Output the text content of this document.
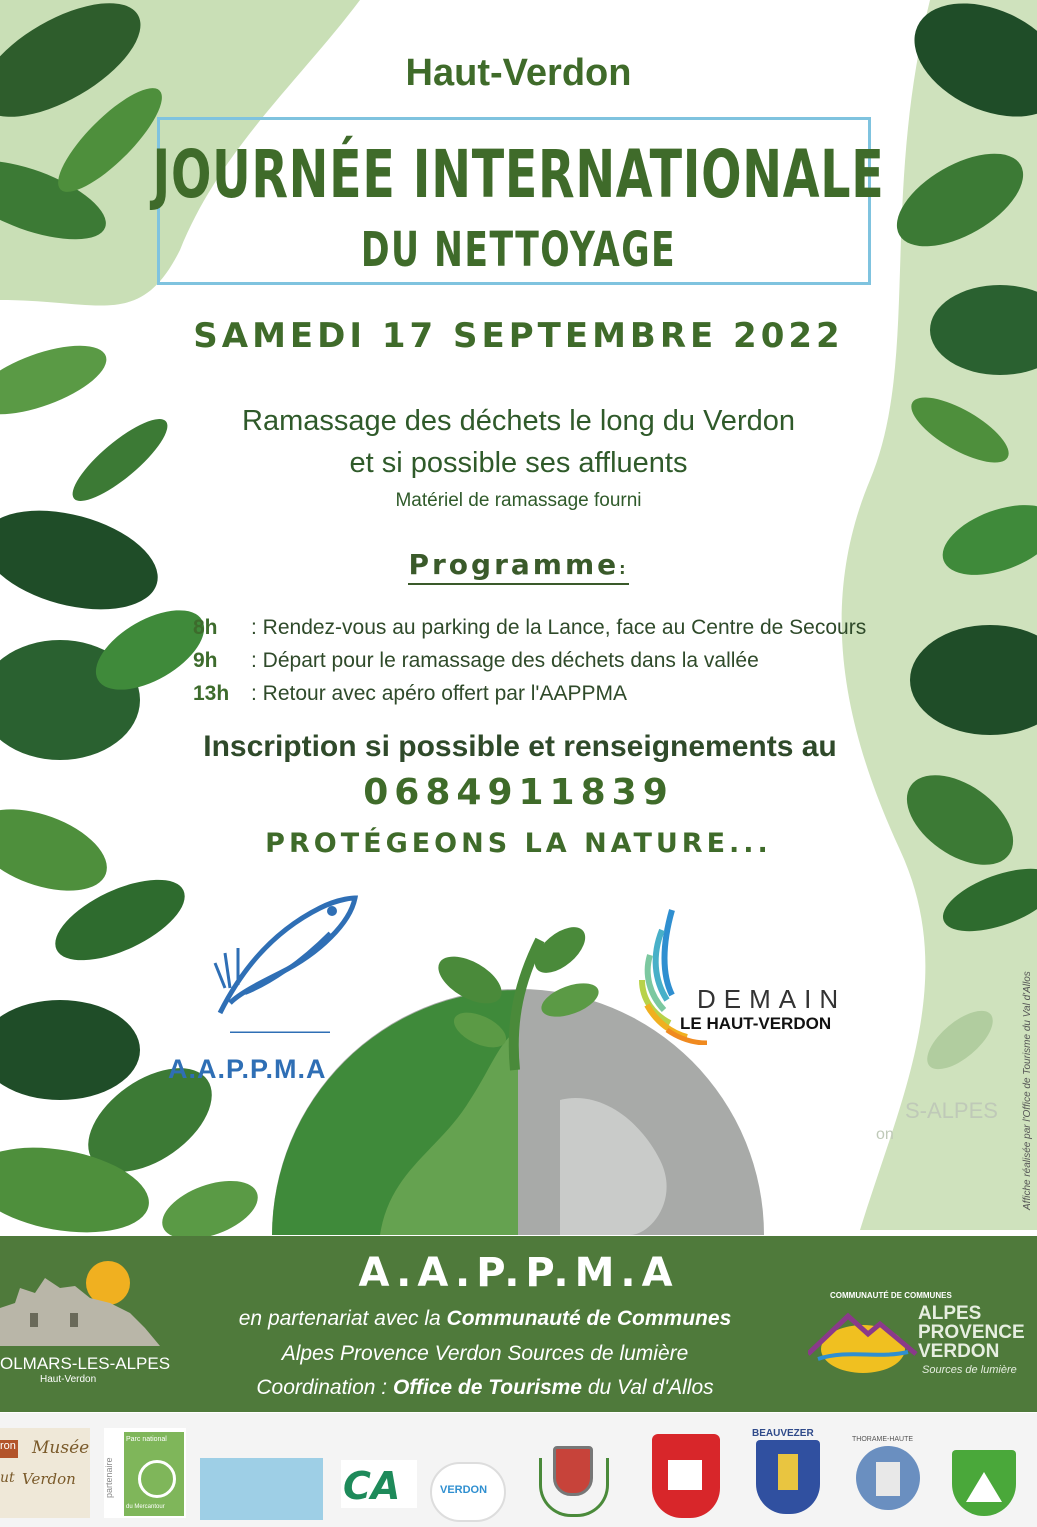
Haut-Verdon
JOURNÉE INTERNATIONALE
DU NETTOYAGE
SAMEDI 17 SEPTEMBRE 2022
Ramassage des déchets le long du Verdon
et si possible ses affluents
Matériel de ramassage fourni
Programme:
8h : Rendez-vous au parking de la Lance, face au Centre de Secours
9h : Départ pour le ramassage des déchets dans la vallée
13h : Retour avec apéro offert par l'AAPPMA
Inscription si possible et renseignements au
0684911839
PROTÉGEONS LA NATURE...
A.A.P.P.M.A
DEMAIN
LE HAUT-VERDON
S-ALPES
on	Affiche réalisée par l'Office de Tourisme du Val d'Allos
OLMARS-LES-ALPES
Haut-Verdon
A.A.P.P.M.A
en partenariat avec la Communauté de Communes
Alpes Provence Verdon Sources de lumière
Coordination : Office de Tourisme du Val d'Allos
COMMUNAUTÉ DE COMMUNES
ALPES
PROVENCE
VERDON
Sources de lumière
ron Musée
ut Verdon	partenaire
Parc national
du Mercantour	CA	VERDON
BEAUVEZER
THORAME-HAUTE
